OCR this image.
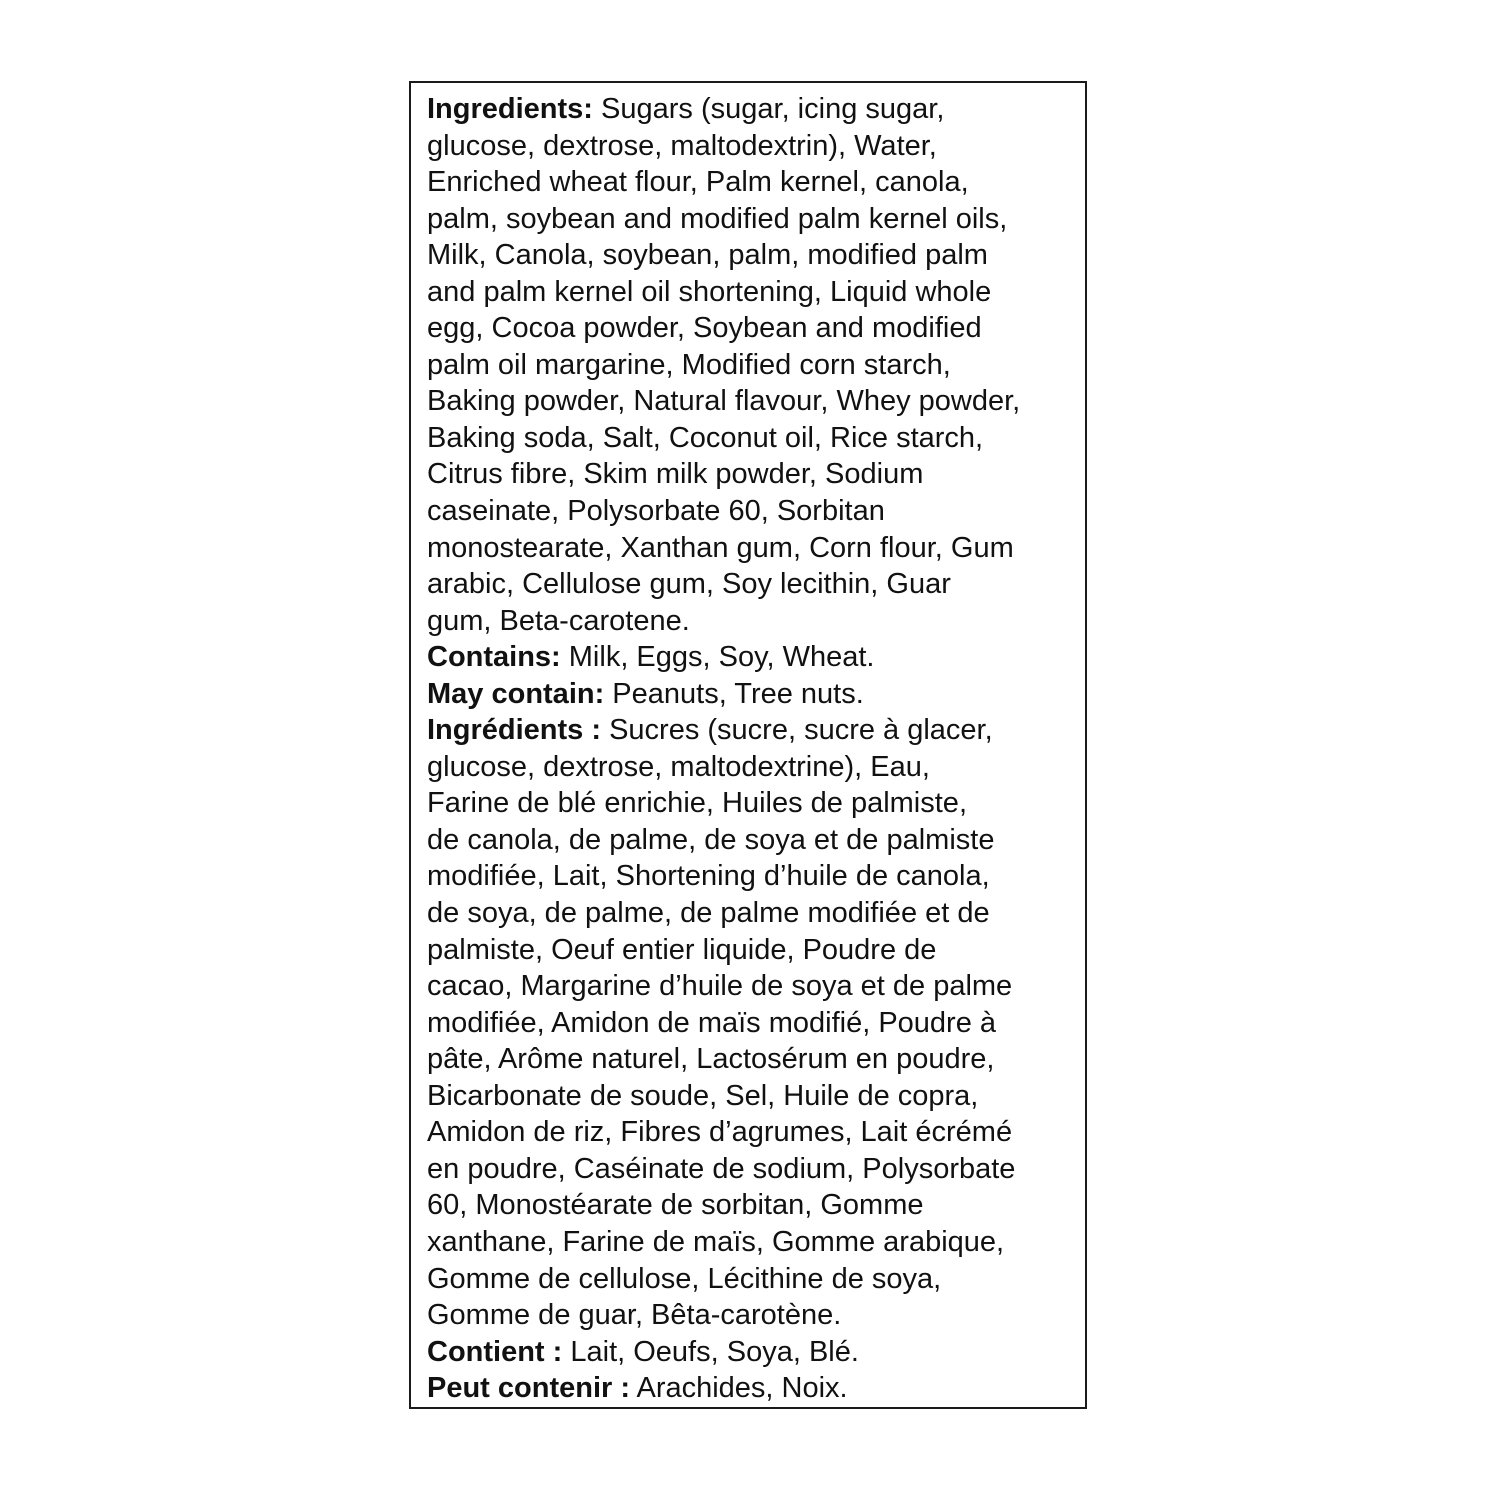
Ingredients: Sugars (sugar, icing sugar,
glucose, dextrose, maltodextrin), Water,
Enriched wheat flour, Palm kernel, canola,
palm, soybean and modified palm kernel oils,
Milk, Canola, soybean, palm, modified palm
and palm kernel oil shortening, Liquid whole
egg, Cocoa powder, Soybean and modified
palm oil margarine, Modified corn starch,
Baking powder, Natural flavour, Whey powder,
Baking soda, Salt, Coconut oil, Rice starch,
Citrus fibre, Skim milk powder, Sodium
caseinate, Polysorbate 60, Sorbitan
monostearate, Xanthan gum, Corn flour, Gum
arabic, Cellulose gum, Soy lecithin, Guar
gum, Beta-carotene.
Contains: Milk, Eggs, Soy, Wheat.
May contain: Peanuts, Tree nuts.
Ingrédients : Sucres (sucre, sucre à glacer,
glucose, dextrose, maltodextrine), Eau,
Farine de blé enrichie, Huiles de palmiste,
de canola, de palme, de soya et de palmiste
modifiée, Lait, Shortening d’huile de canola,
de soya, de palme, de palme modifiée et de
palmiste, Oeuf entier liquide, Poudre de
cacao, Margarine d’huile de soya et de palme
modifiée, Amidon de maïs modifié, Poudre à
pâte, Arôme naturel, Lactosérum en poudre,
Bicarbonate de soude, Sel, Huile de copra,
Amidon de riz, Fibres d’agrumes, Lait écrémé
en poudre, Caséinate de sodium, Polysorbate
60, Monostéarate de sorbitan, Gomme
xanthane, Farine de maïs, Gomme arabique,
Gomme de cellulose, Lécithine de soya,
Gomme de guar, Bêta-carotène.
Contient : Lait, Oeufs, Soya, Blé.
Peut contenir : Arachides, Noix.
